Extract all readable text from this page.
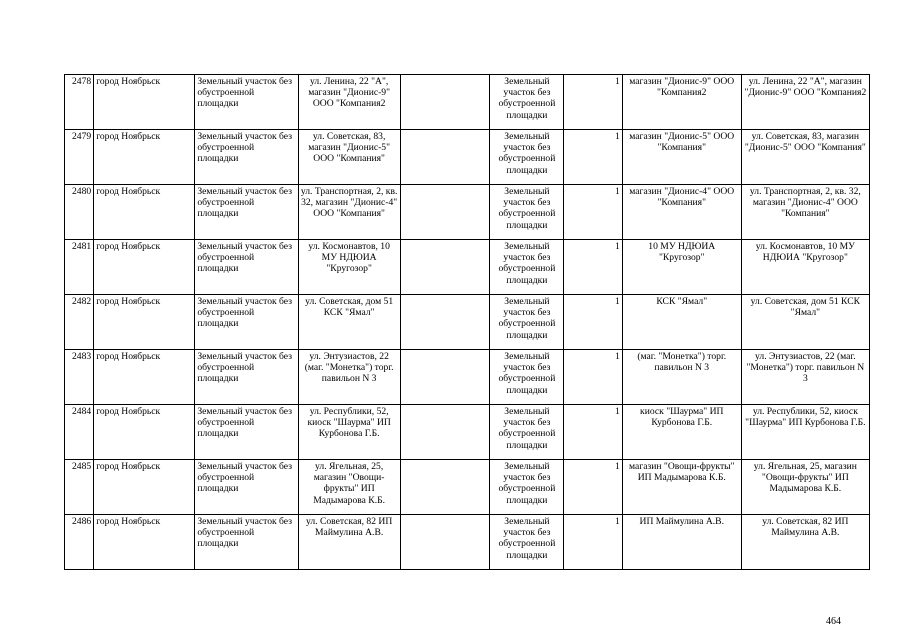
2478	город Ноябрьск	Земельный участок без обустроенной площадки	ул. Ленина, 22 "А", магазин "Дионис-9" ООО "Компания2		Земельный участок без обустроенной площадки	1	магазин "Дионис-9" ООО "Компания2	ул. Ленина, 22 "А", магазин "Дионис-9" ООО "Компания2
2479	город Ноябрьск	Земельный участок без обустроенной площадки	ул. Советская, 83, магазин "Дионис-5" ООО "Компания"		Земельный участок без обустроенной площадки	1	магазин "Дионис-5" ООО "Компания"	ул. Советская, 83, магазин "Дионис-5" ООО "Компания"
2480	город Ноябрьск	Земельный участок без обустроенной площадки	ул. Транспортная, 2, кв. 32, магазин "Дионис-4" ООО "Компания"		Земельный участок без обустроенной площадки	1	магазин "Дионис-4" ООО "Компания"	ул. Транспортная, 2, кв. 32, магазин "Дионис-4" ООО "Компания"
2481	город Ноябрьск	Земельный участок без обустроенной площадки	ул. Космонавтов, 10 МУ НДЮИА "Кругозор"		Земельный участок без обустроенной площадки	1	10 МУ НДЮИА "Кругозор"	ул. Космонавтов, 10 МУ НДЮИА "Кругозор"
2482	город Ноябрьск	Земельный участок без обустроенной площадки	ул. Советская, дом 51 КСК "Ямал"		Земельный участок без обустроенной площадки	1	КСК "Ямал"	ул. Советская, дом 51 КСК "Ямал"
2483	город Ноябрьск	Земельный участок без обустроенной площадки	ул. Энтузиастов, 22 (маг. "Монетка") торг. павильон N 3		Земельный участок без обустроенной площадки	1	(маг. "Монетка") торг. павильон N 3	ул. Энтузиастов, 22 (маг. "Монетка") торг. павильон N 3
2484	город Ноябрьск	Земельный участок без обустроенной площадки	ул. Республики, 52, киоск "Шаурма" ИП Курбонова Г.Б.		Земельный участок без обустроенной площадки	1	киоск "Шаурма" ИП Курбонова Г.Б.	ул. Республики, 52, киоск "Шаурма" ИП Курбонова Г.Б.
2485	город Ноябрьск	Земельный участок без обустроенной площадки	ул. Ягельная, 25, магазин "Овощи-фрукты" ИП Мадымарова К.Б.		Земельный участок без обустроенной площадки	1	магазин "Овощи-фрукты" ИП Мадымарова К.Б.	ул. Ягельная, 25, магазин "Овощи-фрукты" ИП Мадымарова К.Б.
2486	город Ноябрьск	Земельный участок без обустроенной площадки	ул. Советская, 82 ИП Маймулина А.В.		Земельный участок без обустроенной площадки	1	ИП Маймулина А.В.	ул. Советская, 82 ИП Маймулина А.В.
464
